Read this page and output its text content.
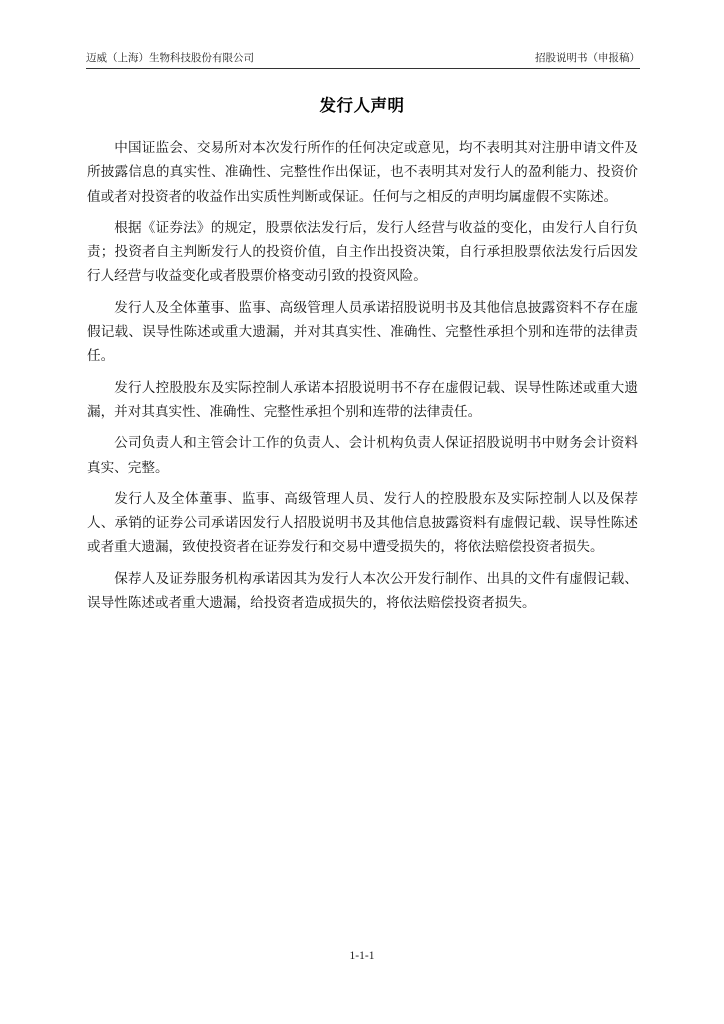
迈威（上海）生物科技股份有限公司	招股说明书（申报稿）
发行人声明

中国证监会、交易所对本次发行所作的任何决定或意见，均不表明其对注册申请文件及所披露信息的真实性、准确性、完整性作出保证，也不表明其对发行人的盈利能力、投资价值或者对投资者的收益作出实质性判断或保证。任何与之相反的声明均属虚假不实陈述。

根据《证券法》的规定，股票依法发行后，发行人经营与收益的变化，由发行人自行负责；投资者自主判断发行人的投资价值，自主作出投资决策，自行承担股票依法发行后因发行人经营与收益变化或者股票价格变动引致的投资风险。

发行人及全体董事、监事、高级管理人员承诺招股说明书及其他信息披露资料不存在虚假记载、误导性陈述或重大遗漏，并对其真实性、准确性、完整性承担个别和连带的法律责任。

发行人控股股东及实际控制人承诺本招股说明书不存在虚假记载、误导性陈述或重大遗漏，并对其真实性、准确性、完整性承担个别和连带的法律责任。

公司负责人和主管会计工作的负责人、会计机构负责人保证招股说明书中财务会计资料真实、完整。

发行人及全体董事、监事、高级管理人员、发行人的控股股东及实际控制人以及保荐人、承销的证券公司承诺因发行人招股说明书及其他信息披露资料有虚假记载、误导性陈述或者重大遗漏，致使投资者在证券发行和交易中遭受损失的，将依法赔偿投资者损失。

保荐人及证券服务机构承诺因其为发行人本次公开发行制作、出具的文件有虚假记载、误导性陈述或者重大遗漏，给投资者造成损失的，将依法赔偿投资者损失。

1-1-1
